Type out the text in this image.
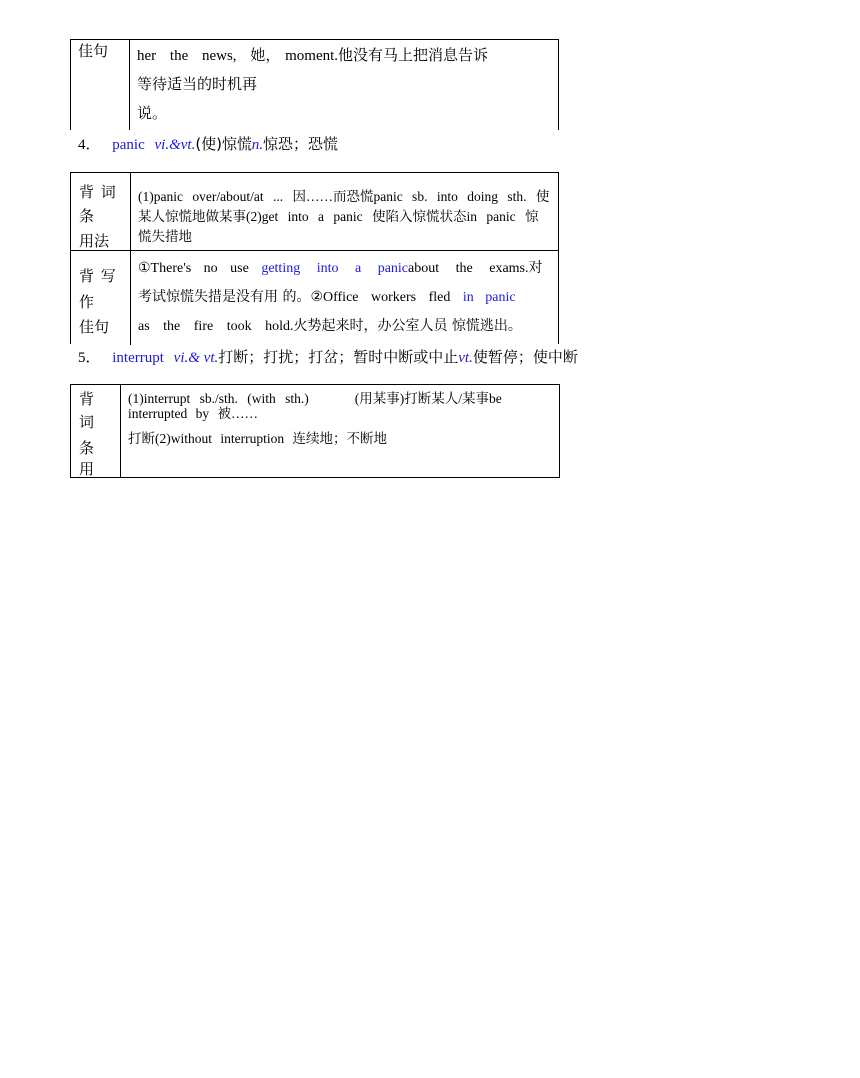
佳句 her the news, 她， moment.他没有马上把消息告诉
等待适当的时机再
说。
4． panic vi.&vt.(使)惊慌 n.惊恐；恐慌
背 词
条
用法
(1)panic over/about/at ... 因……而恐慌panic sb. into doing sth. 使某人惊慌地做某事(2)get into a panic 使陷入惊慌状态in panic 惊慌失措地
背 写
作
佳句
①There's no use getting into a panicabout the exams.对
考试惊慌失措是没有用 的。②Office workers fled in panic
as the fire took hold.火势起来时，办公室人员 惊慌逃出。
5． interrupt vi.& vt.打断；打扰；打岔；暂时中断或中止vt.使暂停；使中断
背
词
条
用
(1)interrupt sb./sth. (with sth.)	(用某事)打断某人/某事be
interrupted by 被……
打断(2)without interruption 连续地；不断地
